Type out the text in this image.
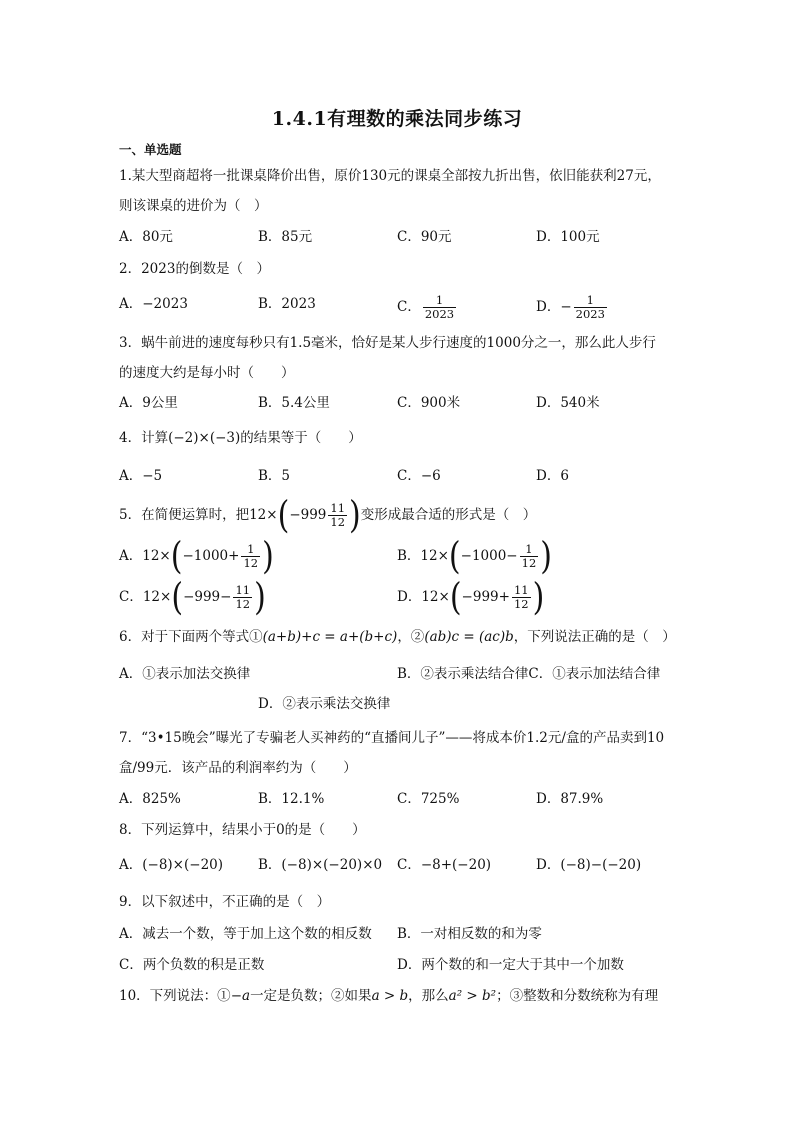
1.4.1有理数的乘法同步练习
一、单选题
1.某大型商超将一批课桌降价出售，原价130元的课桌全部按九折出售，依旧能获利27元，
则该课桌的进价为（　）
A．80元	B．85元	C．90元	D．100元
2．2023的倒数是（　）
A．−2023	B．2023	C． $\frac{1}{2023}$	D．− $\frac{1}{2023}$
3．蜗牛前进的速度每秒只有1.5毫米，恰好是某人步行速度的1000分之一，那么此人步行
的速度大约是每小时（　　）
A．9公里	B．5.4公里	C．900米	D．540米
4．计算(−2)×(−3)的结果等于（　　）
A．−5	B．5	C．−6	D．6
5．在简便运算时，把$12\times(-999 \frac{11}{12}$ )变形成最合适的形式是（　）
A．$12\times(-1000+ \frac{1}{12}$ )	B．$12\times(-1000- \frac{1}{12}$ )
C．$12\times(-999- \frac{11}{12}$ )	D．$12\times(-999+ \frac{11}{12}$ )
6．对于下面两个等式①(a+b)+c = a+(b+c)，②(ab)c = (ac)b，下列说法正确的是（　）
A．①表示加法交换律	B．②表示乘法结合律C．①表示加法结合律
D．②表示乘法交换律
7．“3•15晚会”曝光了专骗老人买神药的“直播间儿子”——将成本价1.2元/盒的产品卖到10
盒/99元．该产品的利润率约为（　　）
A．825%	B．12.1%	C．725%	D．87.9%
8．下列运算中，结果小于0的是（　　）
A．(−8)×(−20)	B．(−8)×(−20)×0 C．−8+(−20)	D．(−8)−(−20)
9．以下叙述中，不正确的是（　）
A．减去一个数，等于加上这个数的相反数 B．一对相反数的和为零
C．两个负数的积是正数	D．两个数的和一定大于其中一个加数
10．下列说法：①−a一定是负数；②如果a > b，那么a² > b²；③整数和分数统称为有理
